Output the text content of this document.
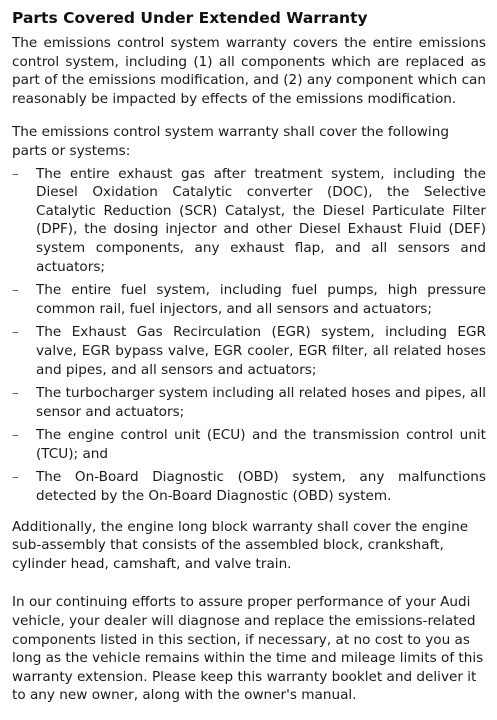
Parts Covered Under Extended Warranty

The emissions control system warranty covers the entire emissions control system, including (1) all components which are replaced as part of the emissions modification, and (2) any component which can reasonably be impacted by effects of the emissions modification.

The emissions control system warranty shall cover the following parts or systems:

– The entire exhaust gas after treatment system, including the Diesel Oxidation Catalytic converter (DOC), the Selective Catalytic Reduction (SCR) Catalyst, the Diesel Particulate Filter (DPF), the dosing injector and other Diesel Exhaust Fluid (DEF) system components, any exhaust flap, and all sensors and actuators;
– The entire fuel system, including fuel pumps, high pressure common rail, fuel injectors, and all sensors and actuators;
– The Exhaust Gas Recirculation (EGR) system, including EGR valve, EGR bypass valve, EGR cooler, EGR filter, all related hoses and pipes, and all sensors and actuators;
– The turbocharger system including all related hoses and pipes, all sensor and actuators;
– The engine control unit (ECU) and the transmission control unit (TCU); and
– The On-Board Diagnostic (OBD) system, any malfunctions detected by the On-Board Diagnostic (OBD) system.

Additionally, the engine long block warranty shall cover the engine sub-assembly that consists of the assembled block, crankshaft, cylinder head, camshaft, and valve train.

In our continuing efforts to assure proper performance of your Audi vehicle, your dealer will diagnose and replace the emissions-related components listed in this section, if necessary, at no cost to you as long as the vehicle remains within the time and mileage limits of this warranty extension. Please keep this warranty booklet and deliver it to any new owner, along with the owner's manual.
